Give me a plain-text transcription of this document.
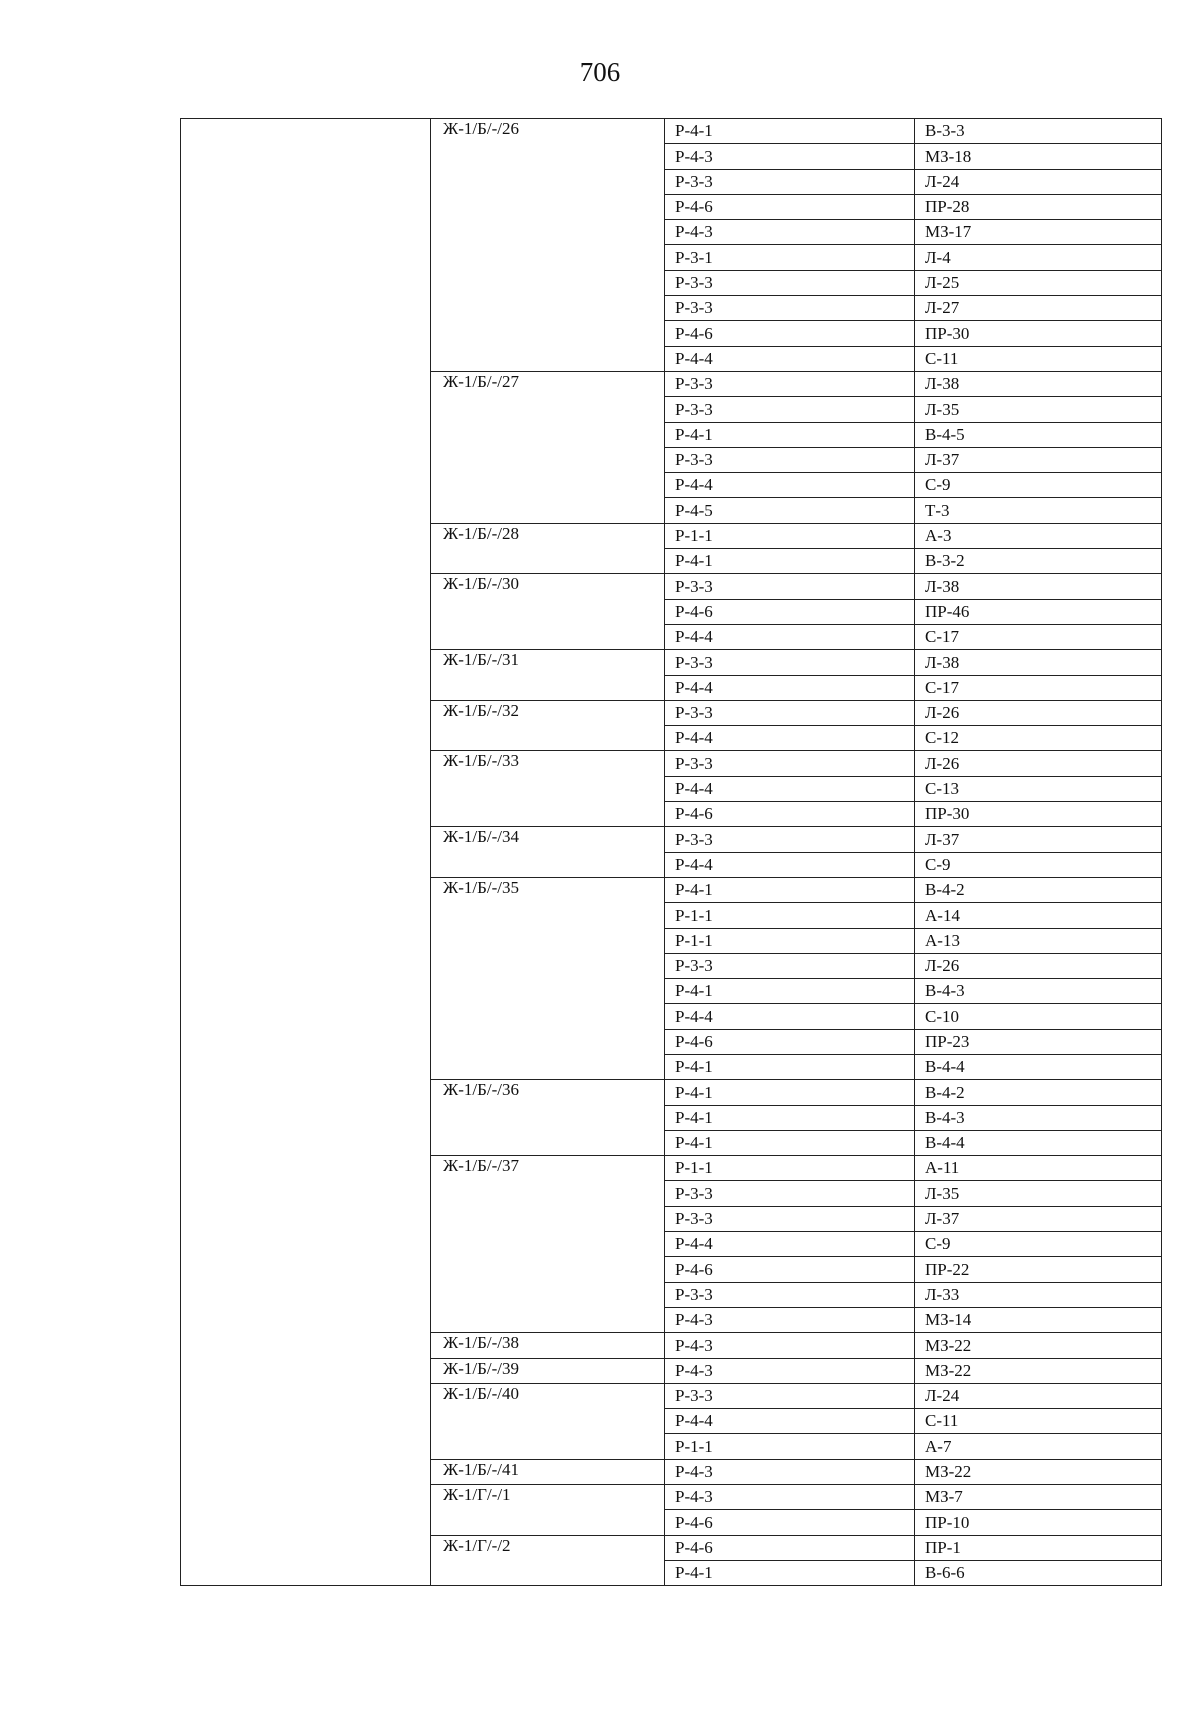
706
	Ж-1/Б/-/26	Р-4-1	В-3-3
		Р-4-3	МЗ-18
		Р-3-3	Л-24
		Р-4-6	ПР-28
		Р-4-3	МЗ-17
		Р-3-1	Л-4
		Р-3-3	Л-25
		Р-3-3	Л-27
		Р-4-6	ПР-30
		Р-4-4	С-11
	Ж-1/Б/-/27	Р-3-3	Л-38
		Р-3-3	Л-35
		Р-4-1	В-4-5
		Р-3-3	Л-37
		Р-4-4	С-9
		Р-4-5	Т-3
	Ж-1/Б/-/28	Р-1-1	А-3
		Р-4-1	В-3-2
	Ж-1/Б/-/30	Р-3-3	Л-38
		Р-4-6	ПР-46
		Р-4-4	С-17
	Ж-1/Б/-/31	Р-3-3	Л-38
		Р-4-4	С-17
	Ж-1/Б/-/32	Р-3-3	Л-26
		Р-4-4	С-12
	Ж-1/Б/-/33	Р-3-3	Л-26
		Р-4-4	С-13
		Р-4-6	ПР-30
	Ж-1/Б/-/34	Р-3-3	Л-37
		Р-4-4	С-9
	Ж-1/Б/-/35	Р-4-1	В-4-2
		Р-1-1	А-14
		Р-1-1	А-13
		Р-3-3	Л-26
		Р-4-1	В-4-3
		Р-4-4	С-10
		Р-4-6	ПР-23
		Р-4-1	В-4-4
	Ж-1/Б/-/36	Р-4-1	В-4-2
		Р-4-1	В-4-3
		Р-4-1	В-4-4
	Ж-1/Б/-/37	Р-1-1	А-11
		Р-3-3	Л-35
		Р-3-3	Л-37
		Р-4-4	С-9
		Р-4-6	ПР-22
		Р-3-3	Л-33
		Р-4-3	МЗ-14
	Ж-1/Б/-/38	Р-4-3	МЗ-22
	Ж-1/Б/-/39	Р-4-3	МЗ-22
	Ж-1/Б/-/40	Р-3-3	Л-24
		Р-4-4	С-11
		Р-1-1	А-7
	Ж-1/Б/-/41	Р-4-3	МЗ-22
	Ж-1/Г/-/1	Р-4-3	МЗ-7
		Р-4-6	ПР-10
	Ж-1/Г/-/2	Р-4-6	ПР-1
		Р-4-1	В-6-6
